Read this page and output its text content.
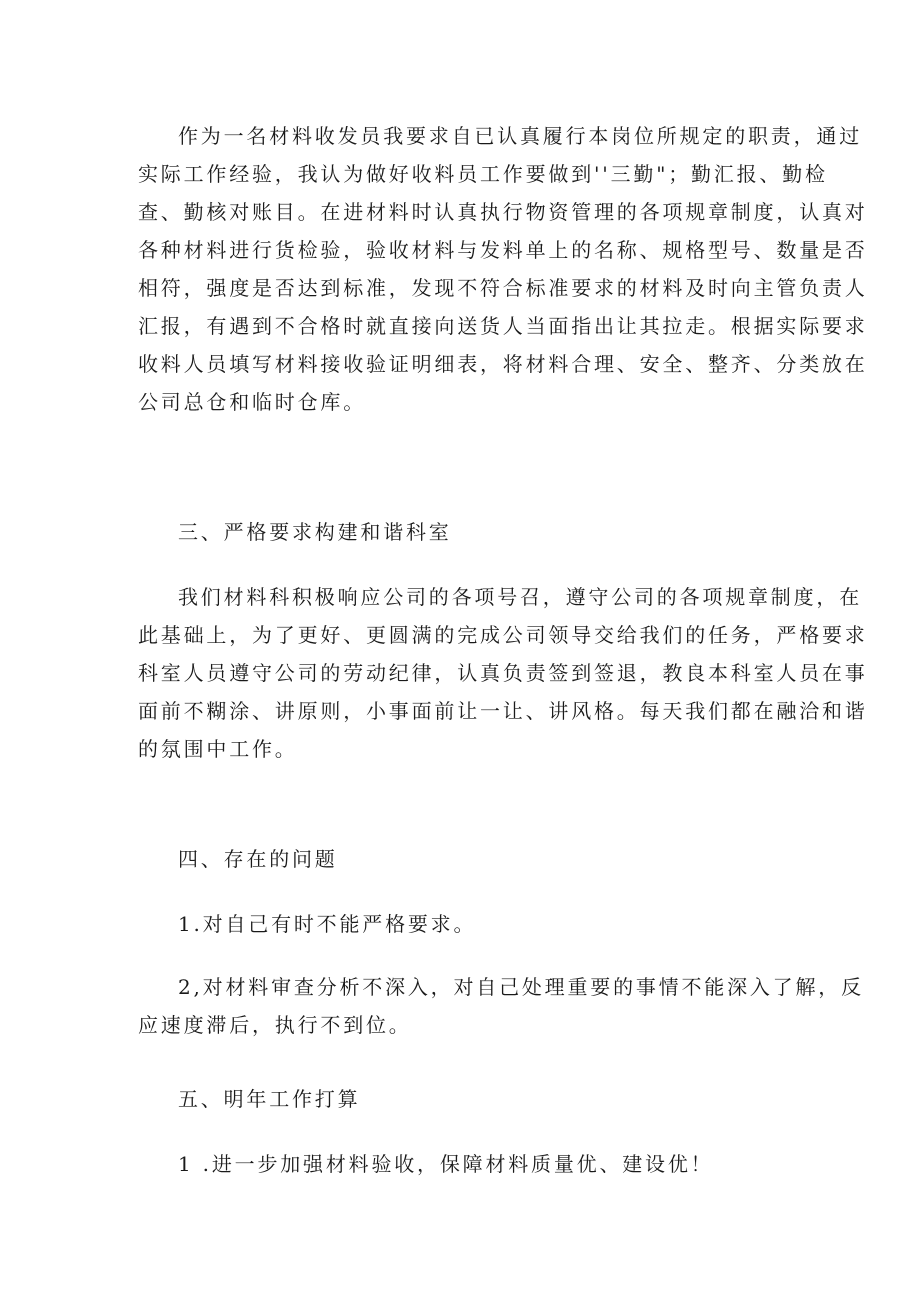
作为一名材料收发员我要求自已认真履行本岗位所规定的职责，通过
实际工作经验，我认为做好收料员工作要做到''三勤"；勤汇报、勤检
查、勤核对账目。在进材料时认真执行物资管理的各项规章制度，认真对
各种材料进行货检验，验收材料与发料单上的名称、规格型号、数量是否
相符，强度是否达到标准，发现不符合标准要求的材料及时向主管负责人
汇报，有遇到不合格时就直接向送货人当面指出让其拉走。根据实际要求
收料人员填写材料接收验证明细表，将材料合理、安全、整齐、分类放在
公司总仓和临时仓库。
三、严格要求构建和谐科室
我们材料科积极响应公司的各项号召，遵守公司的各项规章制度，在
此基础上，为了更好、更圆满的完成公司领导交给我们的任务，严格要求
科室人员遵守公司的劳动纪律，认真负责签到签退，教良本科室人员在事
面前不糊涂、讲原则，小事面前让一让、讲风格。每天我们都在融洽和谐
的氛围中工作。
四、存在的问题
1.对自己有时不能严格要求。
2,对材料审查分析不深入，对自己处理重要的事情不能深入了解，反
应速度滞后，执行不到位。
五、明年工作打算
1 .进一步加强材料验收，保障材料质量优、建设优！
